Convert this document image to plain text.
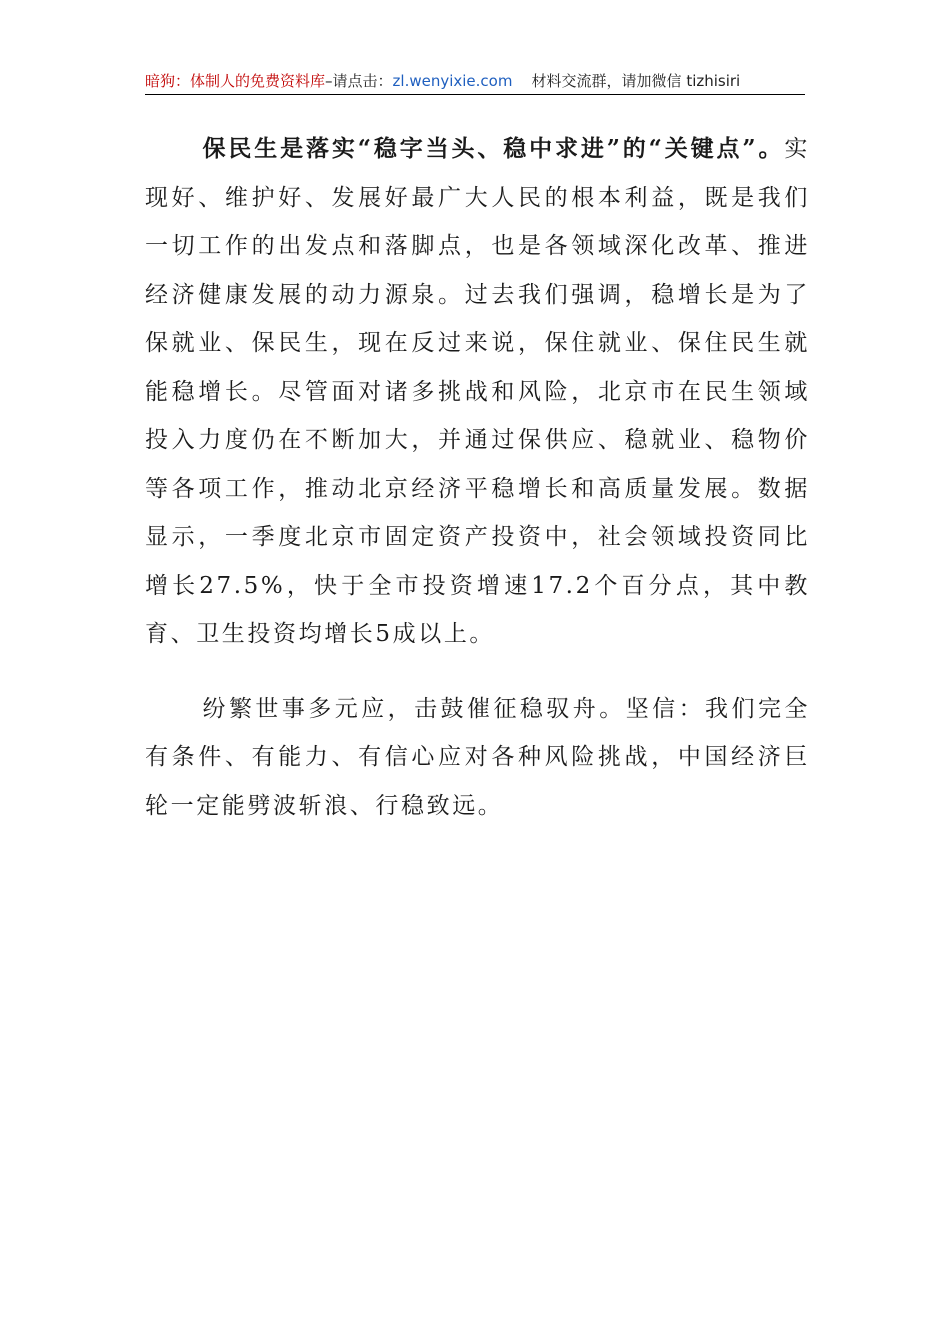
暗狗：体制人的免费资料库–请点击：zl.wenyixie.com 材料交流群，请加微信 tizhisiri

保民生是落实“稳字当头、稳中求进”的“关键点”。实现好、维护好、发展好最广大人民的根本利益，既是我们一切工作的出发点和落脚点，也是各领域深化改革、推进经济健康发展的动力源泉。过去我们强调，稳增长是为了保就业、保民生，现在反过来说，保住就业、保住民生就能稳增长。尽管面对诸多挑战和风险，北京市在民生领域投入力度仍在不断加大，并通过保供应、稳就业、稳物价等各项工作，推动北京经济平稳增长和高质量发展。数据显示，一季度北京市固定资产投资中，社会领域投资同比增长27.5%，快于全市投资增速17.2个百分点，其中教育、卫生投资均增长5成以上。

纷繁世事多元应，击鼓催征稳驭舟。坚信：我们完全有条件、有能力、有信心应对各种风险挑战，中国经济巨轮一定能劈波斩浪、行稳致远。
